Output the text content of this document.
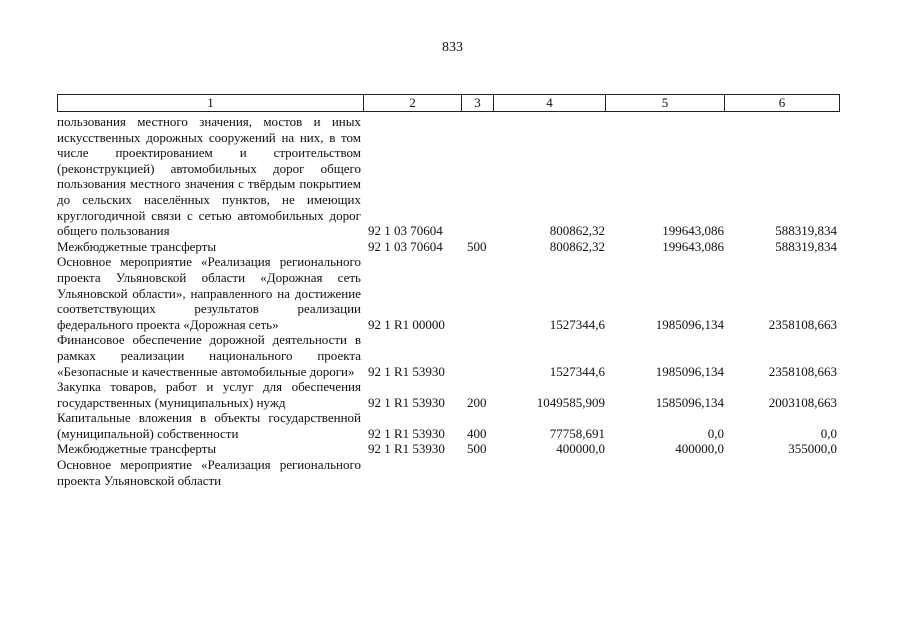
833
1	2	3	4	5	6
пользования местного значения, мостов и иных искусственных дорожных сооружений на них, в том числе проектированием и строительством (реконструкцией) автомобильных дорог общего пользования местного значения с твёрдым покрытием до сельских населённых пунктов, не имеющих круглогодичной связи с сетью автомобильных дорог общего пользования	92 1 03 70604	800862,32	199643,086	588319,834
Межбюджетные трансферты	92 1 03 70604 500	800862,32	199643,086	588319,834
Основное мероприятие «Реализация регионального проекта Ульяновской области «Дорожная сеть Ульяновской области», направленного на достижение соответствующих результатов реализации федерального проекта «Дорожная сеть»	92 1 R1 00000	1527344,6	1985096,134	2358108,663
Финансовое обеспечение дорожной деятельности в рамках реализации национального проекта «Безопасные и качественные автомобильные дороги»	92 1 R1 53930	1527344,6	1985096,134	2358108,663
Закупка товаров, работ и услуг для обеспечения государственных (муниципальных) нужд	92 1 R1 53930 200	1049585,909	1585096,134	2003108,663
Капитальные вложения в объекты государственной (муниципальной) собственности	92 1 R1 53930 400	77758,691	0,0	0,0
Межбюджетные трансферты	92 1 R1 53930 500	400000,0	400000,0	355000,0
Основное мероприятие «Реализация регионального проекта Ульяновской области
